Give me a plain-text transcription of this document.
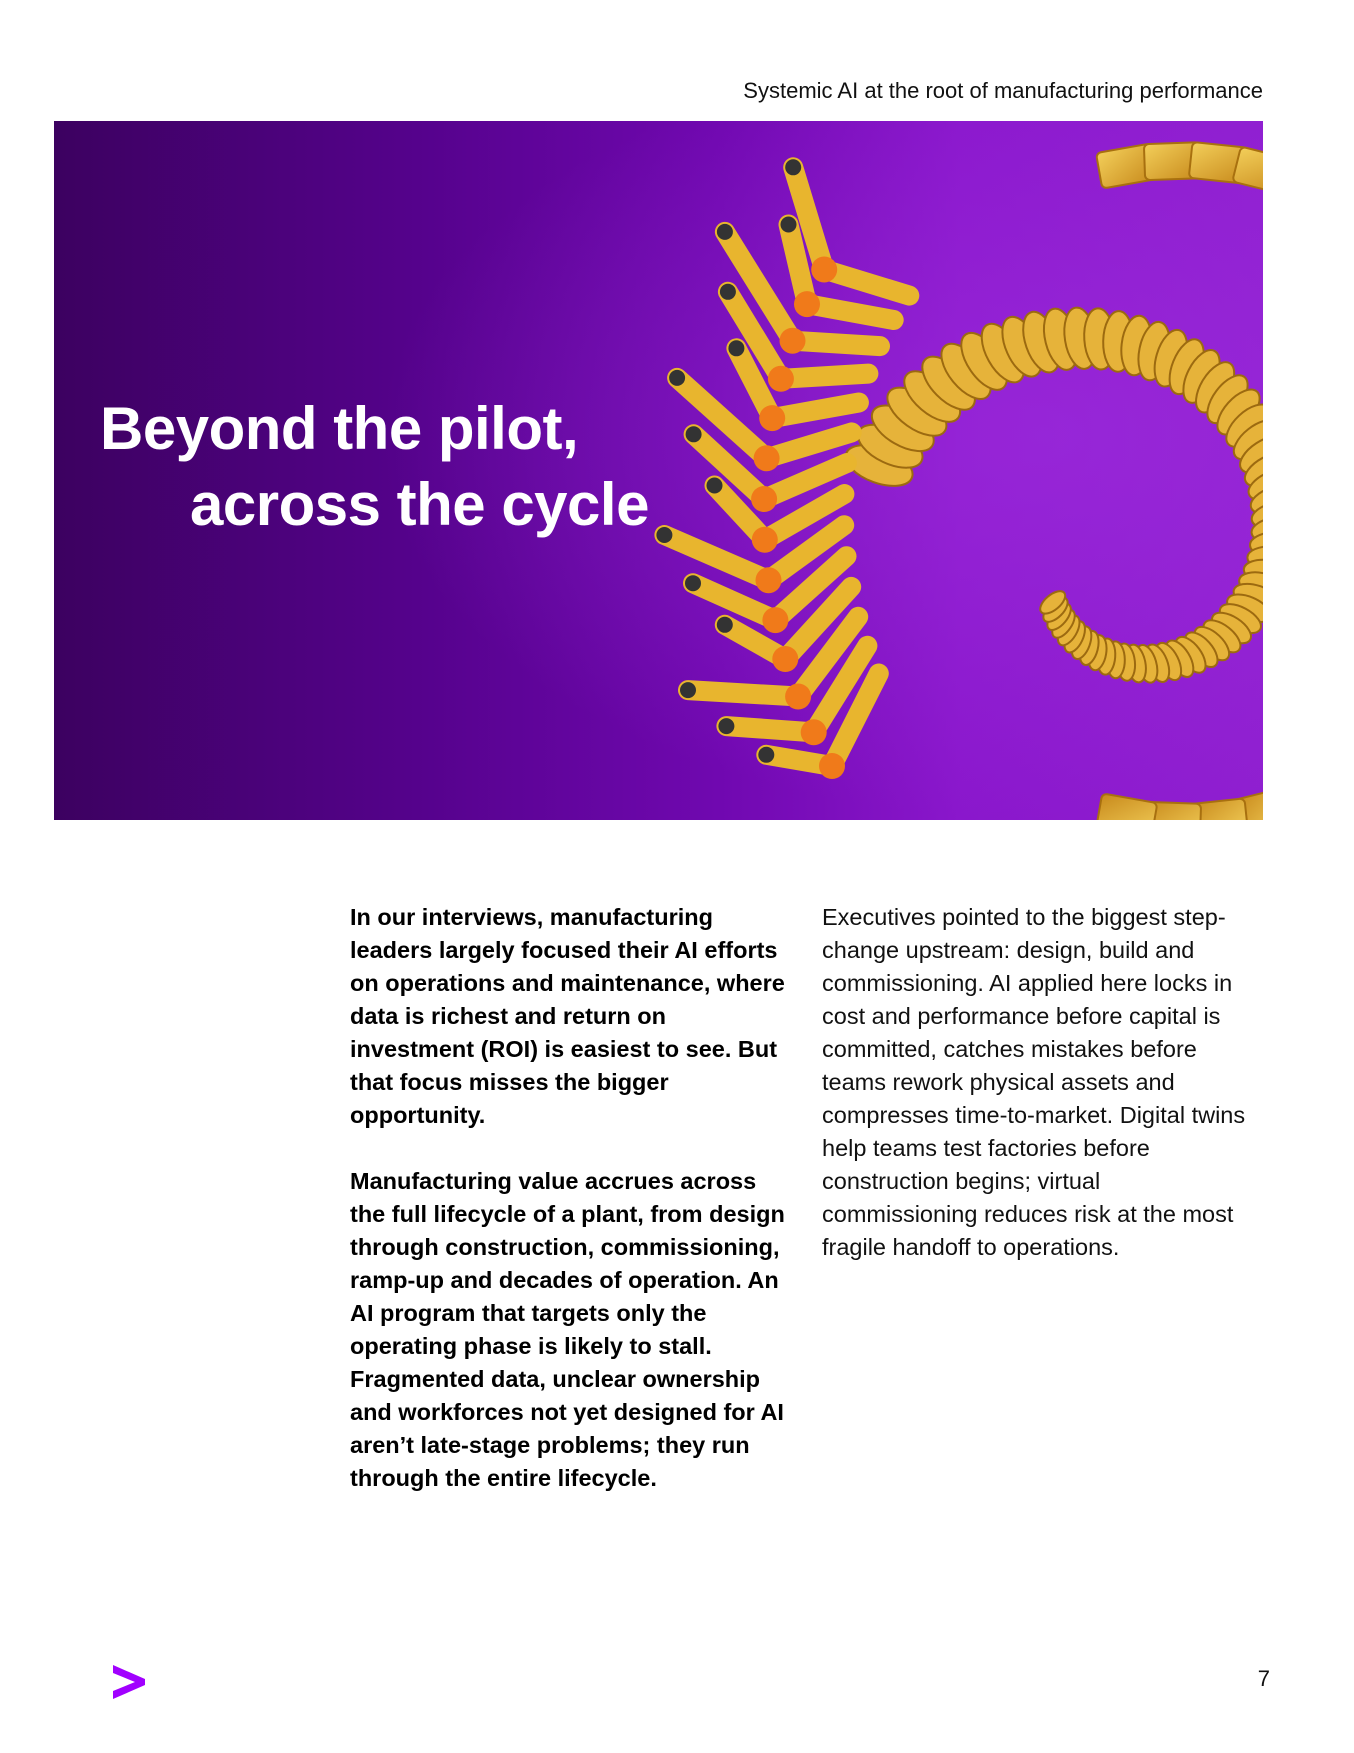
Systemic AI at the root of manufacturing performance
Beyond the pilot,
across the cycle

In our interviews, manufacturing leaders largely focused their AI efforts on operations and maintenance, where data is richest and return on investment (ROI) is easiest to see. But that focus misses the bigger opportunity.

Manufacturing value accrues across the full lifecycle of a plant, from design through construction, commissioning, ramp-up and decades of operation. An AI program that targets only the operating phase is likely to stall. Fragmented data, unclear ownership and workforces not yet designed for AI aren’t late-stage problems; they run through the entire lifecycle.

Executives pointed to the biggest step-change upstream: design, build and commissioning. AI applied here locks in cost and performance before capital is committed, catches mistakes before teams rework physical assets and compresses time-to-market. Digital twins help teams test factories before construction begins; virtual commissioning reduces risk at the most fragile handoff to operations.

7
